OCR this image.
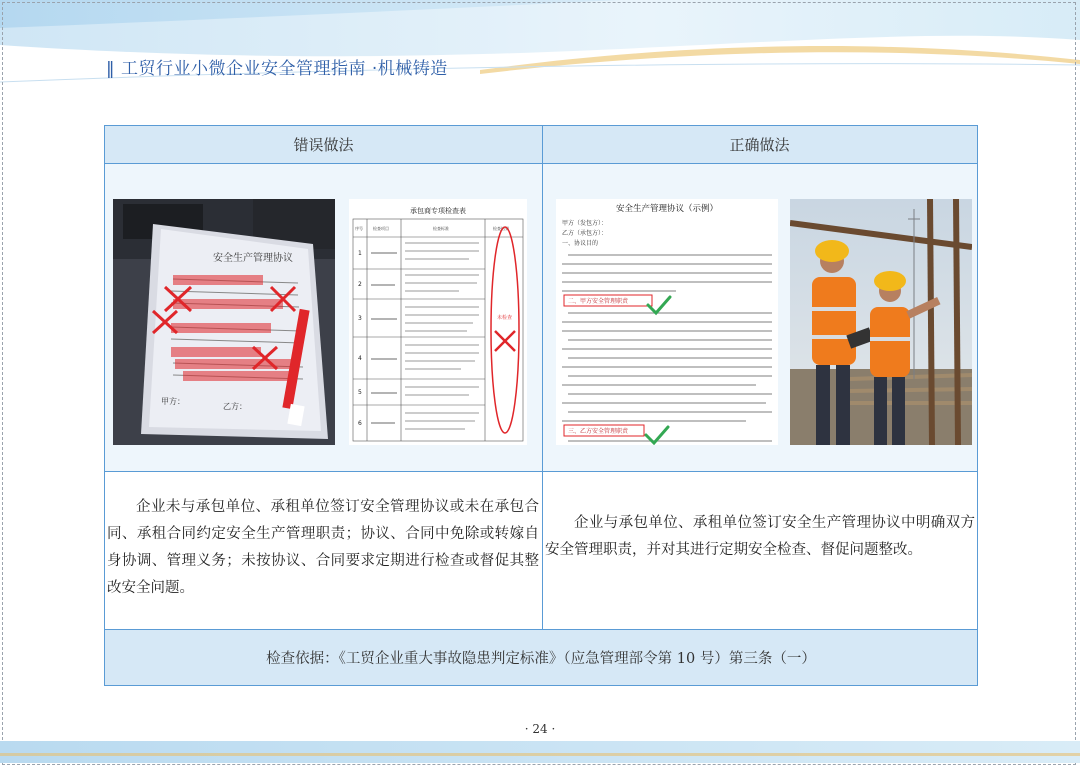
‖ 工贸行业小微企业安全管理指南 ·机械铸造
错误做法	正确做法
安全生产管理协议
甲方：
乙方：
承包商专项检查表
序号	检查项目	检查标准	检查结果
1
2
3
4
5
6
未检查
安全生产管理协议（示例）
甲方（发包方）：
乙方（承包方）：
一、协议目的
二、甲方安全管理职责
三、乙方安全管理职责
企业未与承包单位、承租单位签订安全管理协议或未在承包合同、承租合同约定安全生产管理职责；协议、合同中免除或转嫁自身协调、管理义务；未按协议、合同要求定期进行检查或督促其整改安全问题。
企业与承包单位、承租单位签订安全生产管理协议中明确双方安全管理职责，并对其进行定期安全检查、督促问题整改。
检查依据：《工贸企业重大事故隐患判定标准》（应急管理部令第 10 号）第三条（一）
· 24 ·
